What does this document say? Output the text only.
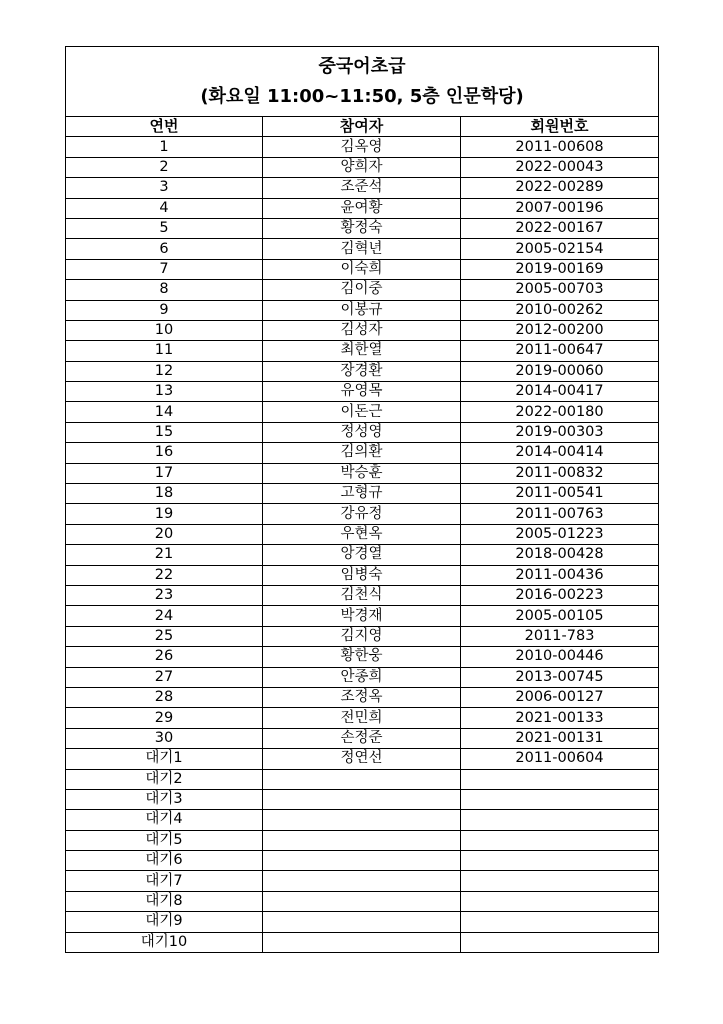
중국어초급
(화요일 11:00~11:50, 5층 인문학당)		

연번	참여자	회원번호
1	김옥영	2011-00608
2	양희자	2022-00043
3	조준석	2022-00289
4	윤여황	2007-00196
5	황정숙	2022-00167
6	김혁년	2005-02154
7	이숙희	2019-00169
8	김이중	2005-00703
9	이봉규	2010-00262
10	김성자	2012-00200
11	최한열	2011-00647
12	장경환	2019-00060
13	유영목	2014-00417
14	이돈근	2022-00180
15	정성영	2019-00303
16	김의환	2014-00414
17	박승훈	2011-00832
18	고형규	2011-00541
19	강유정	2011-00763
20	우현옥	2005-01223
21	앙경열	2018-00428
22	임병숙	2011-00436
23	김천식	2016-00223
24	박경재	2005-00105
25	김지영	2011-783
26	황한웅	2010-00446
27	안종희	2013-00745
28	조정옥	2006-00127
29	전민희	2021-00133
30	손정준	2021-00131
대기1	정연선	2011-00604
대기2		
대기3		
대기4		
대기5		
대기6		
대기7		
대기8		
대기9		
대기10		
